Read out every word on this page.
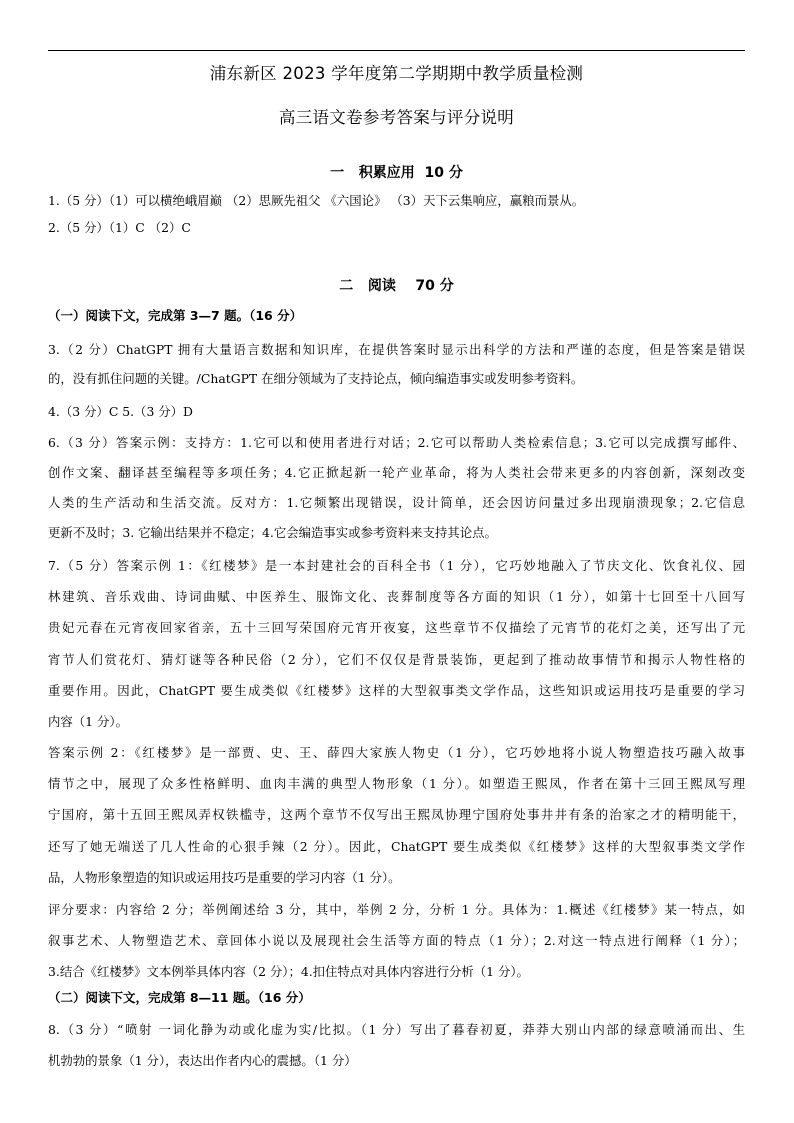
浦东新区 2023 学年度第二学期期中教学质量检测
高三语文卷参考答案与评分说明
一   积累应用  10 分
1.（5 分）（1）可以横绝峨眉巅 （2）思厥先祖父 《六国论》 （3）天下云集响应，赢粮而景从。
2.（5 分）（1）C （2）C
二   阅读    70 分
（一）阅读下文，完成第 3—7 题。（16 分）
3.（2 分）ChatGPT 拥有大量语言数据和知识库，在提供答案时显示出科学的方法和严谨的态度，但是答案是错误
的，没有抓住问题的关键。/ChatGPT 在细分领域为了支持论点，倾向编造事实或发明参考资料。
4.（3 分）C 5.（3 分）D
6.（3 分）答案示例：支持方：1.它可以和使用者进行对话；2.它可以帮助人类检索信息；3.它可以完成撰写邮件、
创作文案、翻译甚至编程等多项任务；4.它正掀起新一轮产业革命，将为人类社会带来更多的内容创新，深刻改变
人类的生产活动和生活交流。反对方：1.它频繁出现错误，设计简单，还会因访问量过多出现崩溃现象；2.它信息
更新不及时；3. 它输出结果并不稳定；4.它会编造事实或参考资料来支持其论点。
7.（5 分）答案示例 1：《红楼梦》是一本封建社会的百科全书（1 分），它巧妙地融入了节庆文化、饮食礼仪、园
林建筑、音乐戏曲、诗词曲赋、中医养生、服饰文化、丧葬制度等各方面的知识（1 分），如第十七回至十八回写
贵妃元春在元宵夜回家省亲，五十三回写荣国府元宵开夜宴，这些章节不仅描绘了元宵节的花灯之美，还写出了元
宵节人们赏花灯、猜灯谜等各种民俗（2 分），它们不仅仅是背景装饰，更起到了推动故事情节和揭示人物性格的
重要作用。因此，ChatGPT 要生成类似《红楼梦》这样的大型叙事类文学作品，这些知识或运用技巧是重要的学习
内容（1 分）。
答案示例 2：《红楼梦》是一部贾、史、王、薛四大家族人物史（1 分），它巧妙地将小说人物塑造技巧融入故事
情节之中，展现了众多性格鲜明、血肉丰满的典型人物形象（1 分）。如塑造王熙凤，作者在第十三回王熙凤写理
宁国府，第十五回王熙凤弄权铁槛寺，这两个章节不仅写出王熙凤协理宁国府处事井井有条的治家之才的精明能干，
还写了她无端送了几人性命的心狠手辣（2 分）。因此，ChatGPT 要生成类似《红楼梦》这样的大型叙事类文学作
品，人物形象塑造的知识或运用技巧是重要的学习内容（1 分）。
评分要求：内容给 2 分；举例阐述给 3 分，其中，举例 2 分，分析 1 分。具体为：1.概述《红楼梦》某一特点，如
叙事艺术、人物塑造艺术、章回体小说以及展现社会生活等方面的特点（1 分）；2.对这一特点进行阐释（1 分）；
3.结合《红楼梦》文本例举具体内容（2 分）；4.扣住特点对具体内容进行分析（1 分）。
（二）阅读下文，完成第 8—11 题。（16 分）
8.（3 分）“喷射 一词化静为动或化虚为实/比拟。（1 分）写出了暮春初夏，莽莽大别山内部的绿意喷涌而出、生
机勃勃的景象（1 分），表达出作者内心的震撼。（1 分）
